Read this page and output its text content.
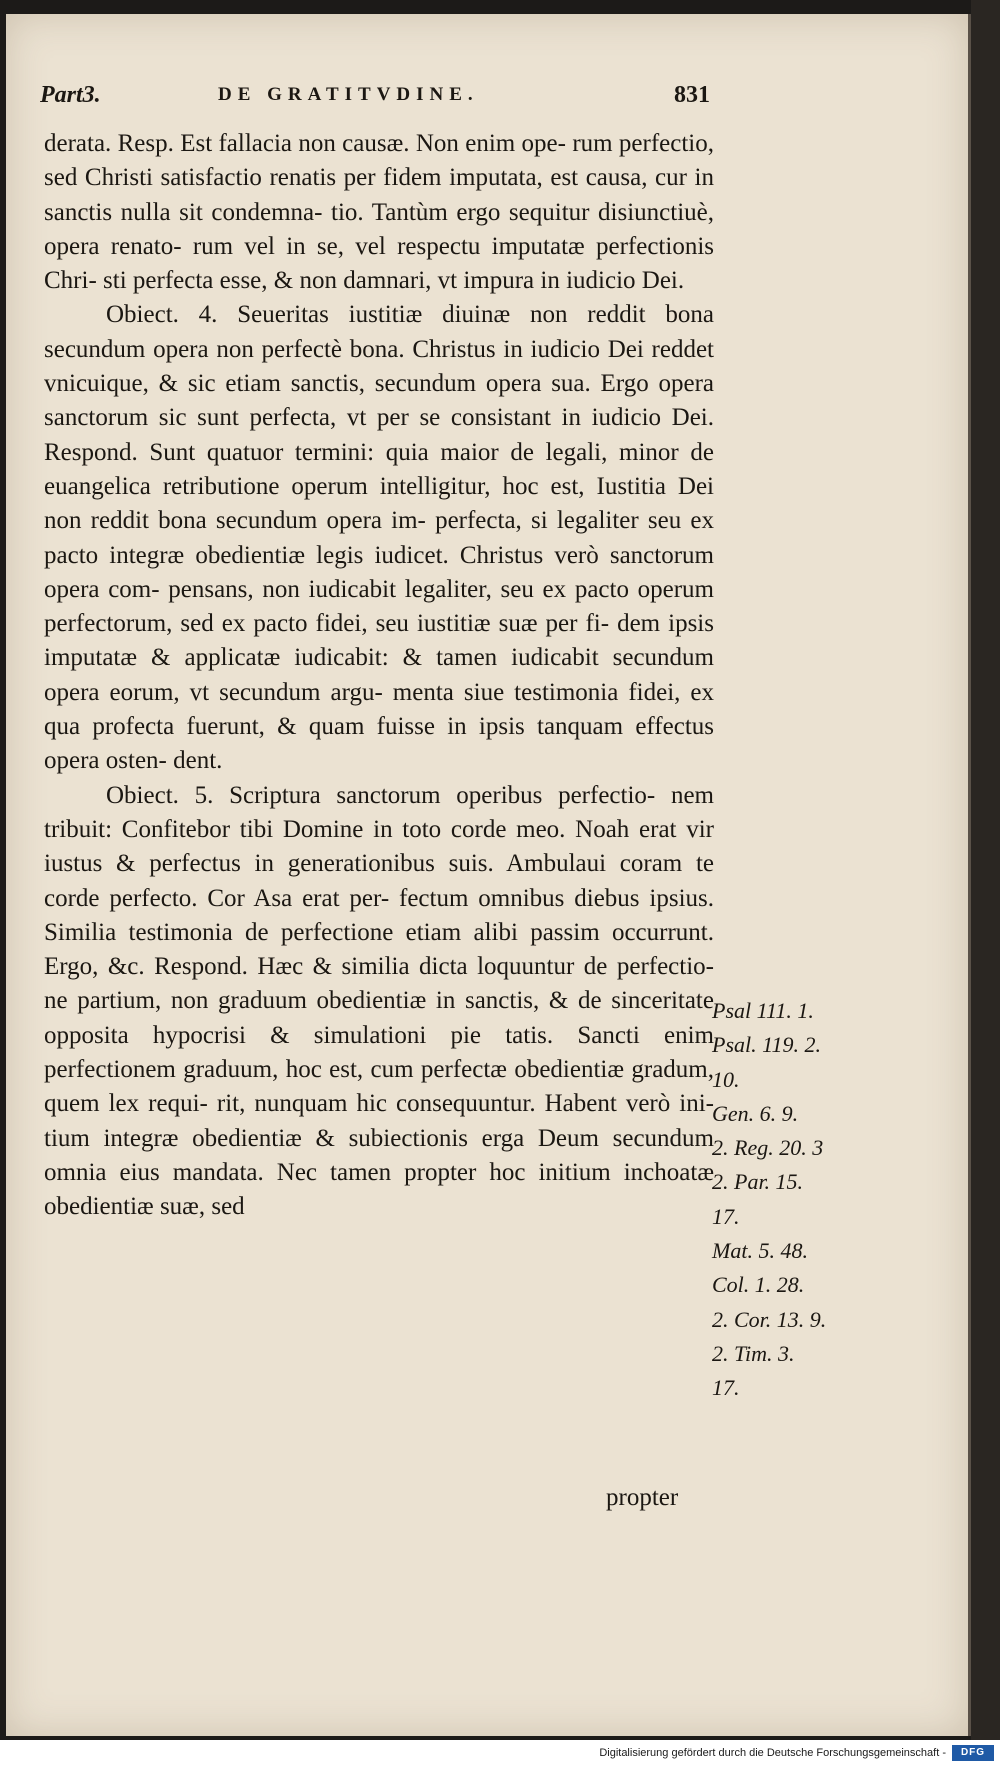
Part3.	DE GRATITVDINE.	831

derata. Resp. Est fallacia non causæ. Non enim ope- rum perfectio, sed Christi satisfactio renatis per fidem imputata, est causa, cur in sanctis nulla sit condemna- tio. Tantùm ergo sequitur disiunctiuè, opera renato- rum vel in se, vel respectu imputatæ perfectionis Chri- sti perfecta esse, & non damnari, vt impura in iudicio Dei.

Obiect. 4. Seueritas iustitiæ diuinæ non reddit bona secundum opera non perfectè bona. Christus in iudicio Dei reddet vnicuique, & sic etiam sanctis, secundum opera sua. Ergo opera sanctorum sic sunt perfecta, vt per se consistant in iudicio Dei. Respond. Sunt quatuor termini: quia maior de legali, minor de euangelica retributione operum intelligitur, hoc est, Iustitia Dei non reddit bona secundum opera im- perfecta, si legaliter seu ex pacto integræ obedientiæ legis iudicet. Christus verò sanctorum opera com- pensans, non iudicabit legaliter, seu ex pacto operum perfectorum, sed ex pacto fidei, seu iustitiæ suæ per fi- dem ipsis imputatæ & applicatæ iudicabit: & tamen iudicabit secundum opera eorum, vt secundum argu- menta siue testimonia fidei, ex qua profecta fuerunt, & quam fuisse in ipsis tanquam effectus opera osten- dent.

Obiect. 5. Scriptura sanctorum operibus perfectio- nem tribuit: Confitebor tibi Domine in toto corde meo. Noah erat vir iustus & perfectus in generationibus suis. Ambulaui coram te corde perfecto. Cor Asa erat per- fectum omnibus diebus ipsius. Similia testimonia de perfectione etiam alibi passim occurrunt. Ergo, &c. Respond. Hæc & similia dicta loquuntur de perfectio- ne partium, non graduum obedientiæ in sanctis, & de sinceritate opposita hypocrisi & simulationi pie tatis. Sancti enim perfectionem graduum, hoc est, cum perfectæ obedientiæ gradum, quem lex requi- rit, nunquam hic consequuntur. Habent verò ini- tium integræ obedientiæ & subiectionis erga Deum secundum omnia eius mandata. Nec tamen propter hoc initium inchoatæ obedientiæ suæ, sed

Psal 111. 1.
Psal. 119. 2.
10.
Gen. 6. 9.
2. Reg. 20. 3
2. Par. 15.
17.
Mat. 5. 48.
Col. 1. 28.
2. Cor. 13. 9.
2. Tim. 3.
17.
propter
Digitalisierung gefördert durch die Deutsche Forschungsgemeinschaft -	DFG
